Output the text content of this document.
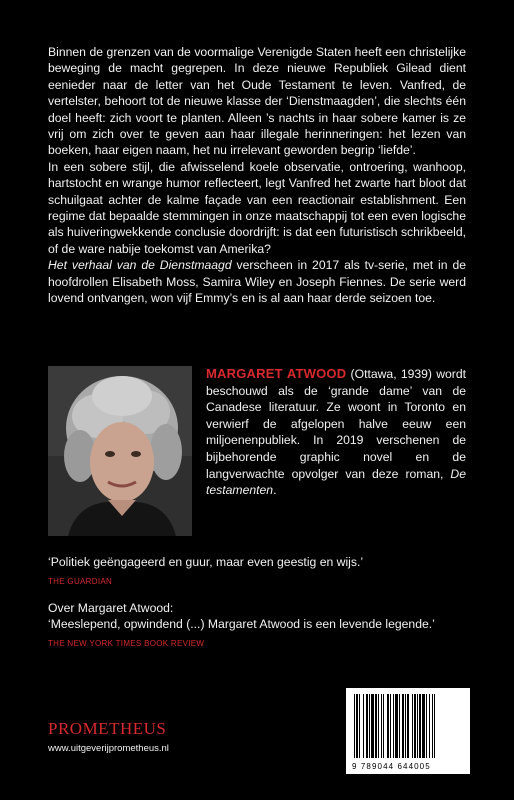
Binnen de grenzen van de voormalige Verenigde Staten heeft een christelijke beweging de macht gegrepen. In deze nieuwe Republiek Gilead dient eenieder naar de letter van het Oude Testament te leven. Vanfred, de vertelster, behoort tot de nieuwe klasse der ‘Dienstmaagden’, die slechts één doel heeft: zich voort te planten. Alleen ’s nachts in haar sobere kamer is ze vrij om zich over te geven aan haar illegale herinneringen: het lezen van boeken, haar eigen naam, het nu irrelevant geworden begrip ‘liefde’.

In een sobere stijl, die afwisselend koele observatie, ontroering, wanhoop, hartstocht en wrange humor reflecteert, legt Vanfred het zwarte hart bloot dat schuilgaat achter de kalme façade van een reactionair establishment. Een regime dat bepaalde stemmingen in onze maatschappij tot een even logische als huiveringwekkende conclusie doordrijft: is dat een futuristisch schrikbeeld, of de ware nabije toekomst van Amerika?

Het verhaal van de Dienstmaagd verscheen in 2017 als tv-serie, met in de hoofdrollen Elisabeth Moss, Samira Wiley en Joseph Fiennes. De serie werd lovend ontvangen, won vijf Emmy’s en is al aan haar derde seizoen toe.

MARGARET ATWOOD (Ottawa, 1939) wordt beschouwd als de ‘grande dame’ van de Canadese literatuur. Ze woont in Toronto en verwierf de afgelopen halve eeuw een miljoenenpubliek. In 2019 verschenen de bijbehorende graphic novel en de langverwachte opvolger van deze roman, De testamenten.

‘Politiek geëngageerd en guur, maar even geestig en wijs.’

THE GUARDIAN

Over Margaret Atwood:

‘Meeslepend, opwindend (...) Margaret Atwood is een levende legende.’

THE NEW YORK TIMES BOOK REVIEW
PROMETHEUS
www.uitgeverijprometheus.nl
9 789044 644005
